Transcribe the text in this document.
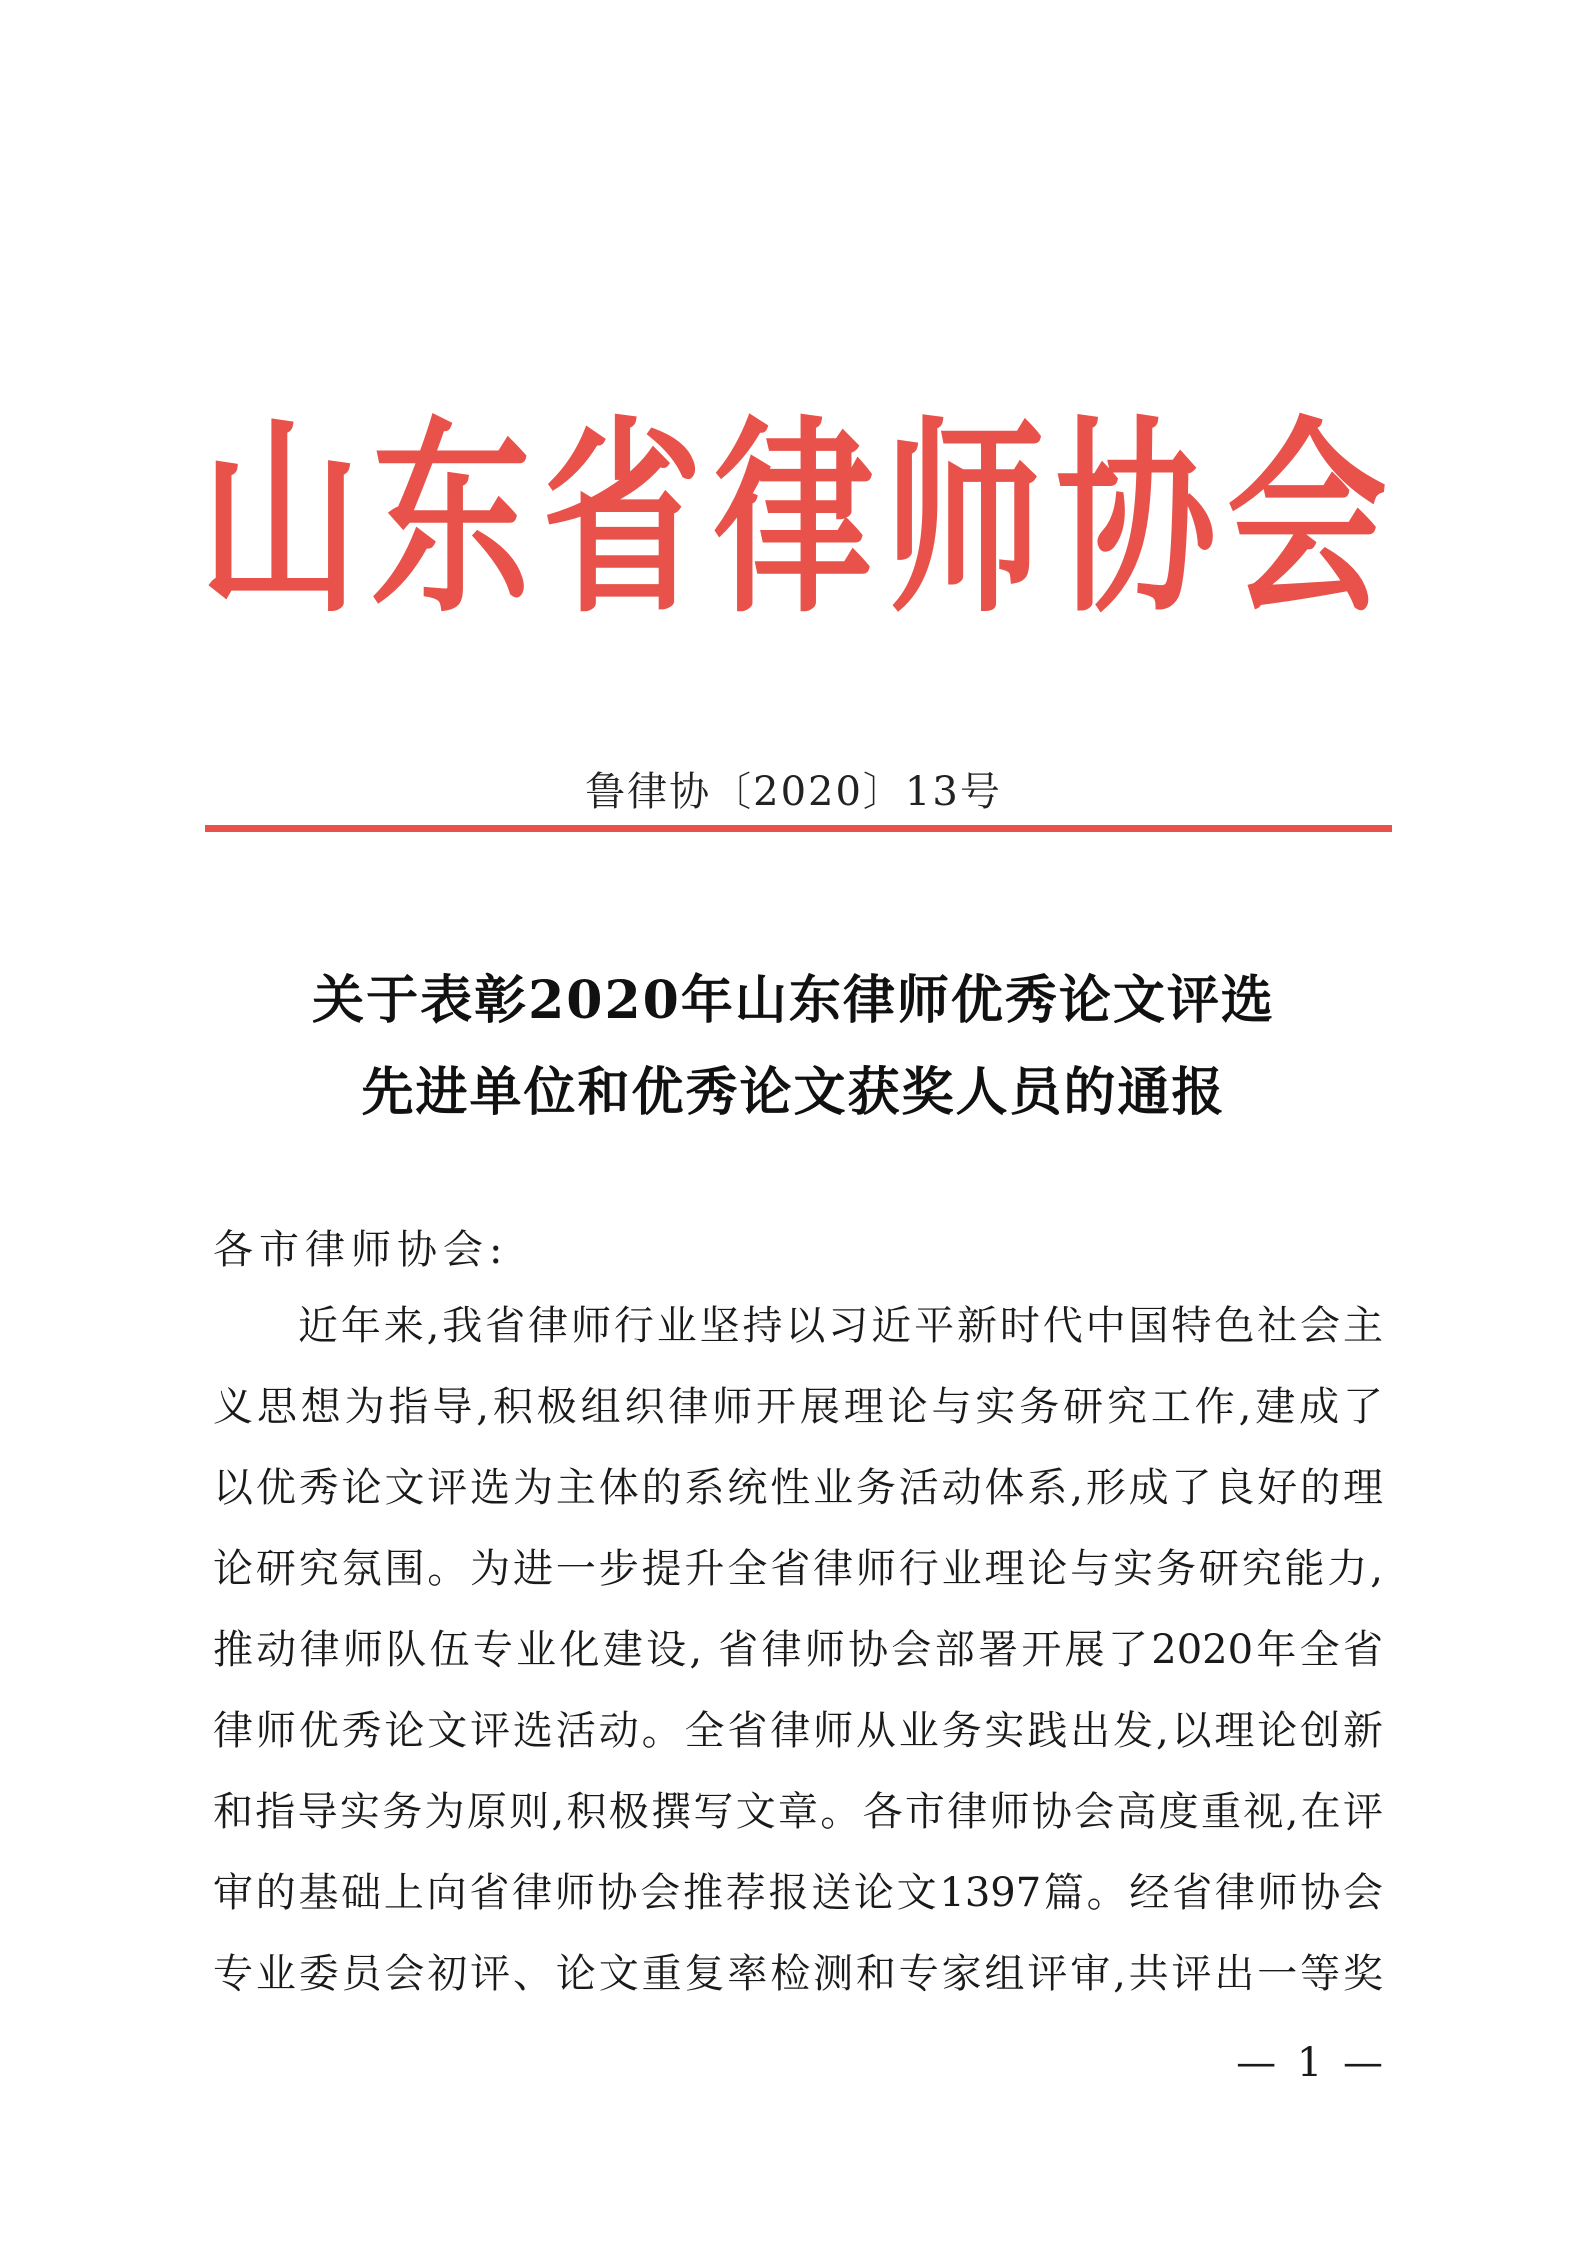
山 东 省 律 师 协 会
鲁律协〔2020〕13号
关于表彰2020年山东律师优秀论文评选
先进单位和优秀论文获奖人员的通报
各市律师协会:
近年来,我省律师行业坚持以习近平新时代中国特色社会主
义思想为指导,积极组织律师开展理论与实务研究工作,建成了
以优秀论文评选为主体的系统性业务活动体系,形成了良好的理
论研究氛围。为进一步提升全省律师行业理论与实务研究能力,
推动律师队伍专业化建设, 省律师协会部署开展了2020年全省
律师优秀论文评选活动。全省律师从业务实践出发,以理论创新
和指导实务为原则,积极撰写文章。各市律师协会高度重视,在评
审的基础上向省律师协会推荐报送论文1397篇。经省律师协会
专业委员会初评、论文重复率检测和专家组评审,共评出一等奖
— 1 —
